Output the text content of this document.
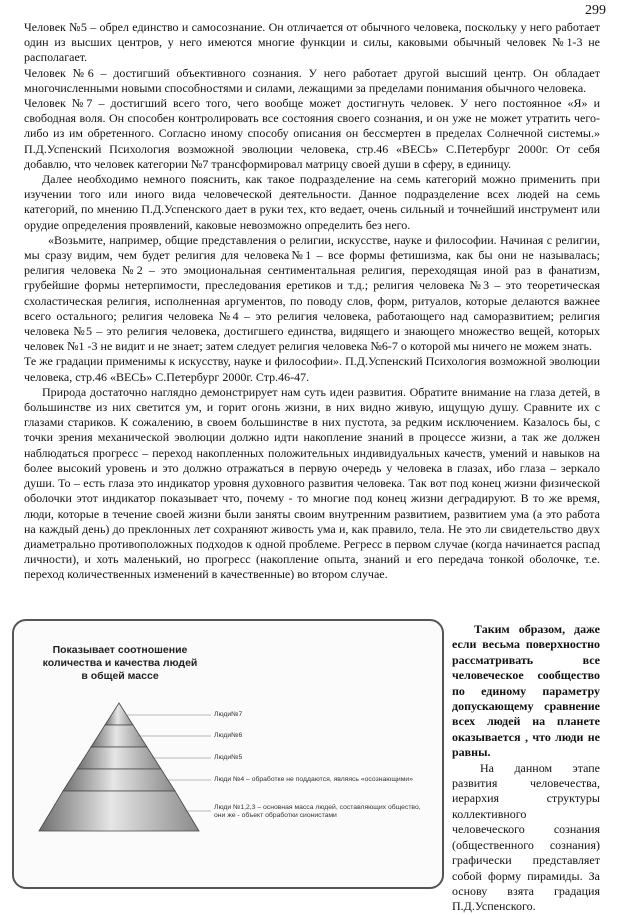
299

Человек №5 – обрел единство и самосознание. Он отличается от обычного человека, поскольку у него работает один из высших центров, у него имеются многие функции и силы, каковыми обычный человек №1-3 не располагает.

Человек №6 – достигший объективного сознания. У него работает другой высший центр. Он обладает многочисленными новыми способностями и силами, лежащими за пределами понимания обычного человека.

Человек №7 – достигший всего того, чего вообще может достигнуть человек. У него постоянное «Я» и свободная воля. Он способен контролировать все состояния своего сознания, и он уже не может утратить чего-либо из им обретенного. Согласно иному способу описания он бессмертен в пределах Солнечной системы.» П.Д.Успенский Психология возможной эволюции человека, стр.46 «ВЕСЬ» С.Петербург 2000г. От себя добавлю, что человек категории №7 трансформировал матрицу своей души в сферу, в единицу.

Далее необходимо немного пояснить, как такое подразделение на семь категорий можно применить при изучении того или иного вида человеческой деятельности. Данное подразделение всех людей на семь категорий, по мнению П.Д.Успенского дает в руки тех, кто ведает, очень сильный и точнейший инструмент или орудие определения проявлений, каковые невозможно определить без него.

«Возьмите, например, общие представления о религии, искусстве, науке и философии. Начиная с религии, мы сразу видим, чем будет религия для человека№1 – все формы фетишизма, как бы они не называлась; религия человека №2 – это эмоциональная сентиментальная религия, переходящая иной раз в фанатизм, грубейшие формы нетерпимости, преследования еретиков и т.д.; религия человека №3 – это теоретическая схоластическая религия, исполненная аргументов, по поводу слов, форм, ритуалов, которые делаются важнее всего остального; религия человека №4 – это религия человека, работающего над саморазвитием; религия человека №5 – это религия человека, достигшего единства, видящего и знающего множество вещей, которых человек №1 -3 не видит и не знает; затем следует религия человека №6-7 о которой мы ничего не можем знать.

Те же градации применимы к искусству, науке и философии». П.Д.Успенский Психология возможной эволюции человека, стр.46 «ВЕСЬ» С.Петербург 2000г. Стр.46-47.

Природа достаточно наглядно демонстрирует нам суть идеи развития. Обратите внимание на глаза детей, в большинстве из них светится ум, и горит огонь жизни, в них видно живую, ищущую душу. Сравните их с глазами стариков. К сожалению, в своем большинстве в них пустота, за редким исключением. Казалось бы, с точки зрения механической эволюции должно идти накопление знаний в процессе жизни, а так же должен наблюдаться прогресс – переход накопленных положительных индивидуальных качеств, умений и навыков на более высокий уровень и это должно отражаться в первую очередь у человека в глазах, ибо глаза – зеркало души. То – есть глаза это индикатор уровня духовного развития человека. Так вот под конец жизни физической оболочки этот индикатор показывает что, почему - то многие под конец жизни деградируют. В то же время, люди, которые в течение своей жизни были заняты своим внутренним развитием, развитием ума (а это работа на каждый день) до преклонных лет сохраняют живость ума и, как правило, тела. Не это ли свидетельство двух диаметрально противоположных подходов к одной проблеме. Регресс в первом случае (когда начинается распад личности), и хоть маленький, но прогресс (накопление опыта, знаний и его передача тонкой оболочке, т.е. переход количественных изменений в качественные) во втором случае.

Показывает соотношение количества и качества людей в общей массе
Люди№7
Люди№6
Люди№5
Люди №4 – обработке не поддаются, являясь «осознающими»
Люди №1,2,3 – основная масса людей, составляющих общество,
они же - объект обработки сионистами

Таким образом, даже если весьма поверхностно рассматривать все человеческое сообщество по единому параметру допускающему сравнение всех людей на планете оказывается , что люди не равны.

На данном этапе развития человечества, иерархия структуры коллективного человеческого сознания (общественного сознания) графически представляет собой форму пирамиды. За основу взята градация П.Д.Успенского.
